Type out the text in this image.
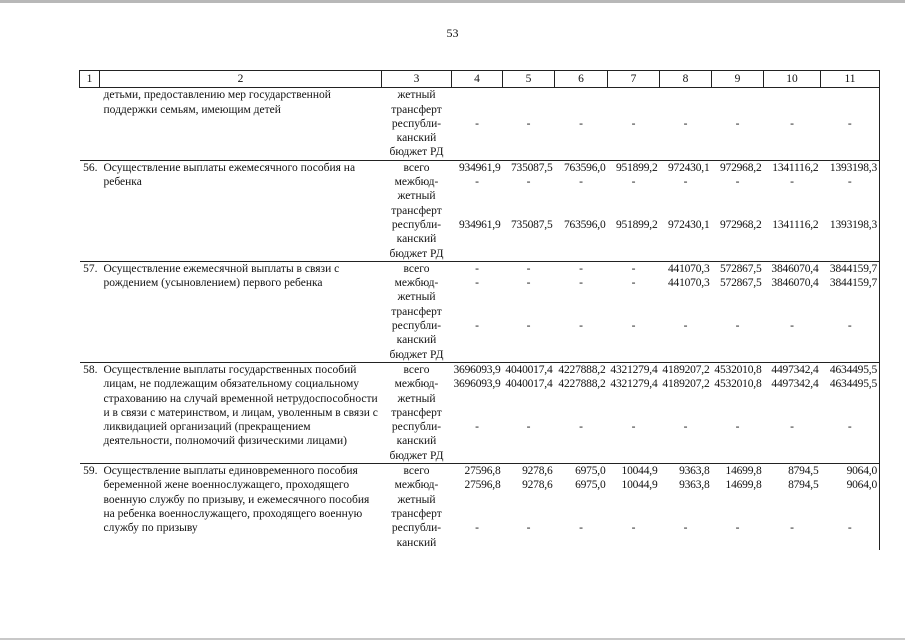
53
1	2	3	4	5	6	7	8	9	10	11
	детьми, предоставлению мер государственной поддержки семьям, имеющим детей	жетный трансферт								
		республи-канский бюджет РД	-	-	-	-	-	-	-	-
56.	Осуществление выплаты ежемесячного пособия на ребенка	всего	934961,9	735087,5	763596,0	951899,2	972430,1	972968,2	1341116,2	1393198,3
		межбюд-жетный трансферт	-	-	-	-	-	-	-	-
		республи-канский бюджет РД	934961,9	735087,5	763596,0	951899,2	972430,1	972968,2	1341116,2	1393198,3
57.	Осуществление ежемесячной выплаты в связи с рождением (усыновлением) первого ребенка	всего	-	-	-	-	441070,3	572867,5	3846070,4	3844159,7
		межбюд-жетный трансферт	-	-	-	-	441070,3	572867,5	3846070,4	3844159,7
		республи-канский бюджет РД	-	-	-	-	-	-	-	-
58.	Осуществление выплаты государственных пособий лицам, не подлежащим обязательному социальному страхованию на случай временной нетрудоспособности и в связи с материнством, и лицам, уволенным в связи с ликвидацией организаций (прекращением деятельности, полномочий физическими лицами)	всего	3696093,9	4040017,4	4227888,2	4321279,4	4189207,2	4532010,8	4497342,4	4634495,5
		межбюд-жетный трансферт	3696093,9	4040017,4	4227888,2	4321279,4	4189207,2	4532010,8	4497342,4	4634495,5
		республи-канский бюджет РД	-	-	-	-	-	-	-	-
59.	Осуществление выплаты единовременного пособия беременной жене военнослужащего, проходящего военную службу по призыву, и ежемесячного пособия на ребенка военнослужащего, проходящего военную службу по призыву	всего	27596,8	9278,6	6975,0	10044,9	9363,8	14699,8	8794,5	9064,0
		межбюд-жетный трансферт	27596,8	9278,6	6975,0	10044,9	9363,8	14699,8	8794,5	9064,0
		республи-канский	-	-	-	-	-	-	-	-
